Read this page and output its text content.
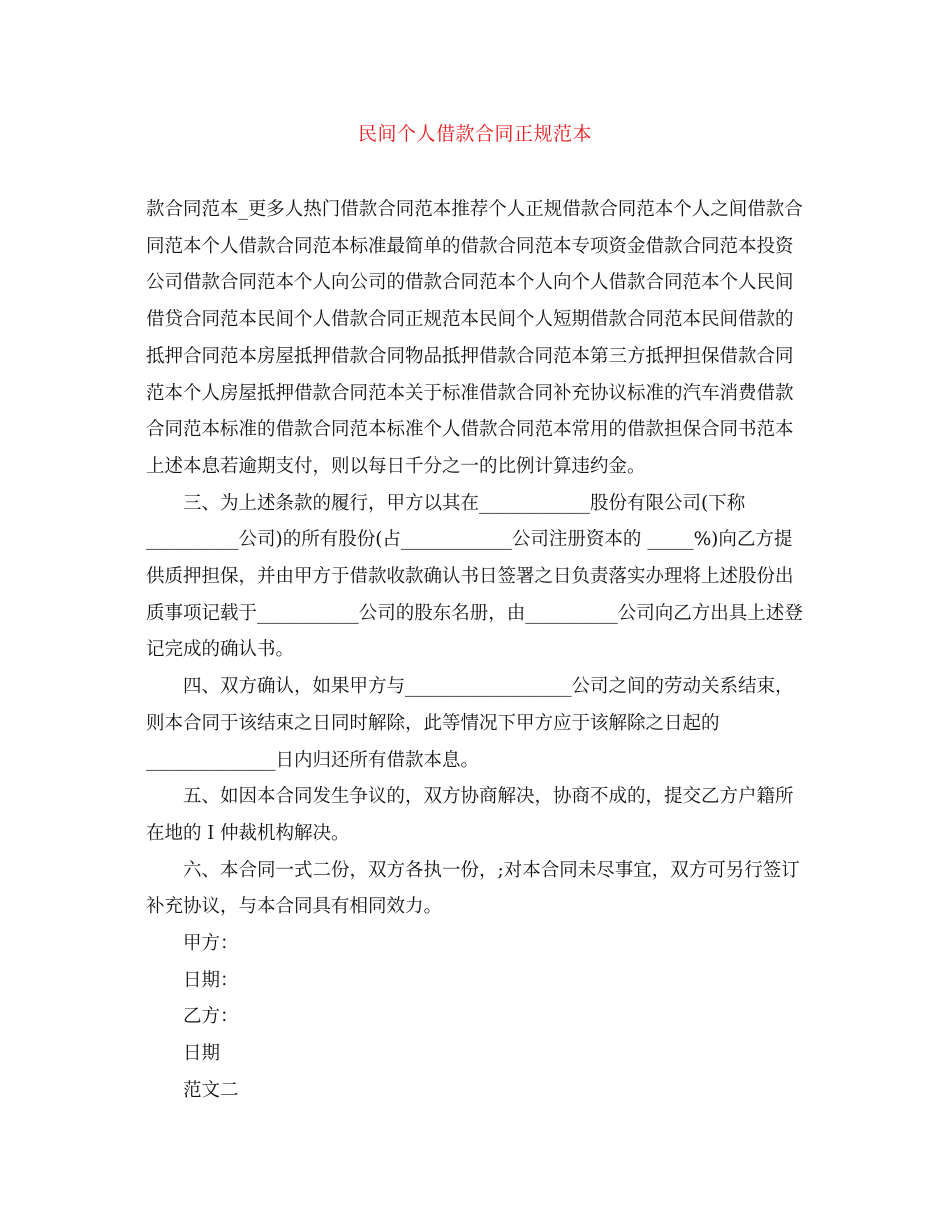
民间个人借款合同正规范本

款合同范本_更多人热门借款合同范本推荐个人正规借款合同范本个人之间借款合
同范本个人借款合同范本标准最简单的借款合同范本专项资金借款合同范本投资
公司借款合同范本个人向公司的借款合同范本个人向个人借款合同范本个人民间
借贷合同范本民间个人借款合同正规范本民间个人短期借款合同范本民间借款的
抵押合同范本房屋抵押借款合同物品抵押借款合同范本第三方抵押担保借款合同
范本个人房屋抵押借款合同范本关于标准借款合同补充协议标准的汽车消费借款
合同范本标准的借款合同范本标准个人借款合同范本常用的借款担保合同书范本
上述本息若逾期支付，则以每日千分之一的比例计算违约金。

三、为上述条款的履行，甲方以其在____________股份有限公司(下称
__________公司)的所有股份(占____________公司注册资本的 _____%)向乙方提
供质押担保，并由甲方于借款收款确认书日签署之日负责落实办理将上述股份出
质事项记载于___________公司的股东名册，由__________公司向乙方出具上述登
记完成的确认书。

四、双方确认，如果甲方与__________________公司之间的劳动关系结束，
则本合同于该结束之日同时解除，此等情况下甲方应于该解除之日起的
______________日内归还所有借款本息。

五、如因本合同发生争议的，双方协商解决，协商不成的，提交乙方户籍所
在地的Ｉ仲裁机构解决。

六、本合同一式二份，双方各执一份，;对本合同未尽事宜，双方可另行签订
补充协议，与本合同具有相同效力。

甲方：

日期：

乙方：

日期

范文二
